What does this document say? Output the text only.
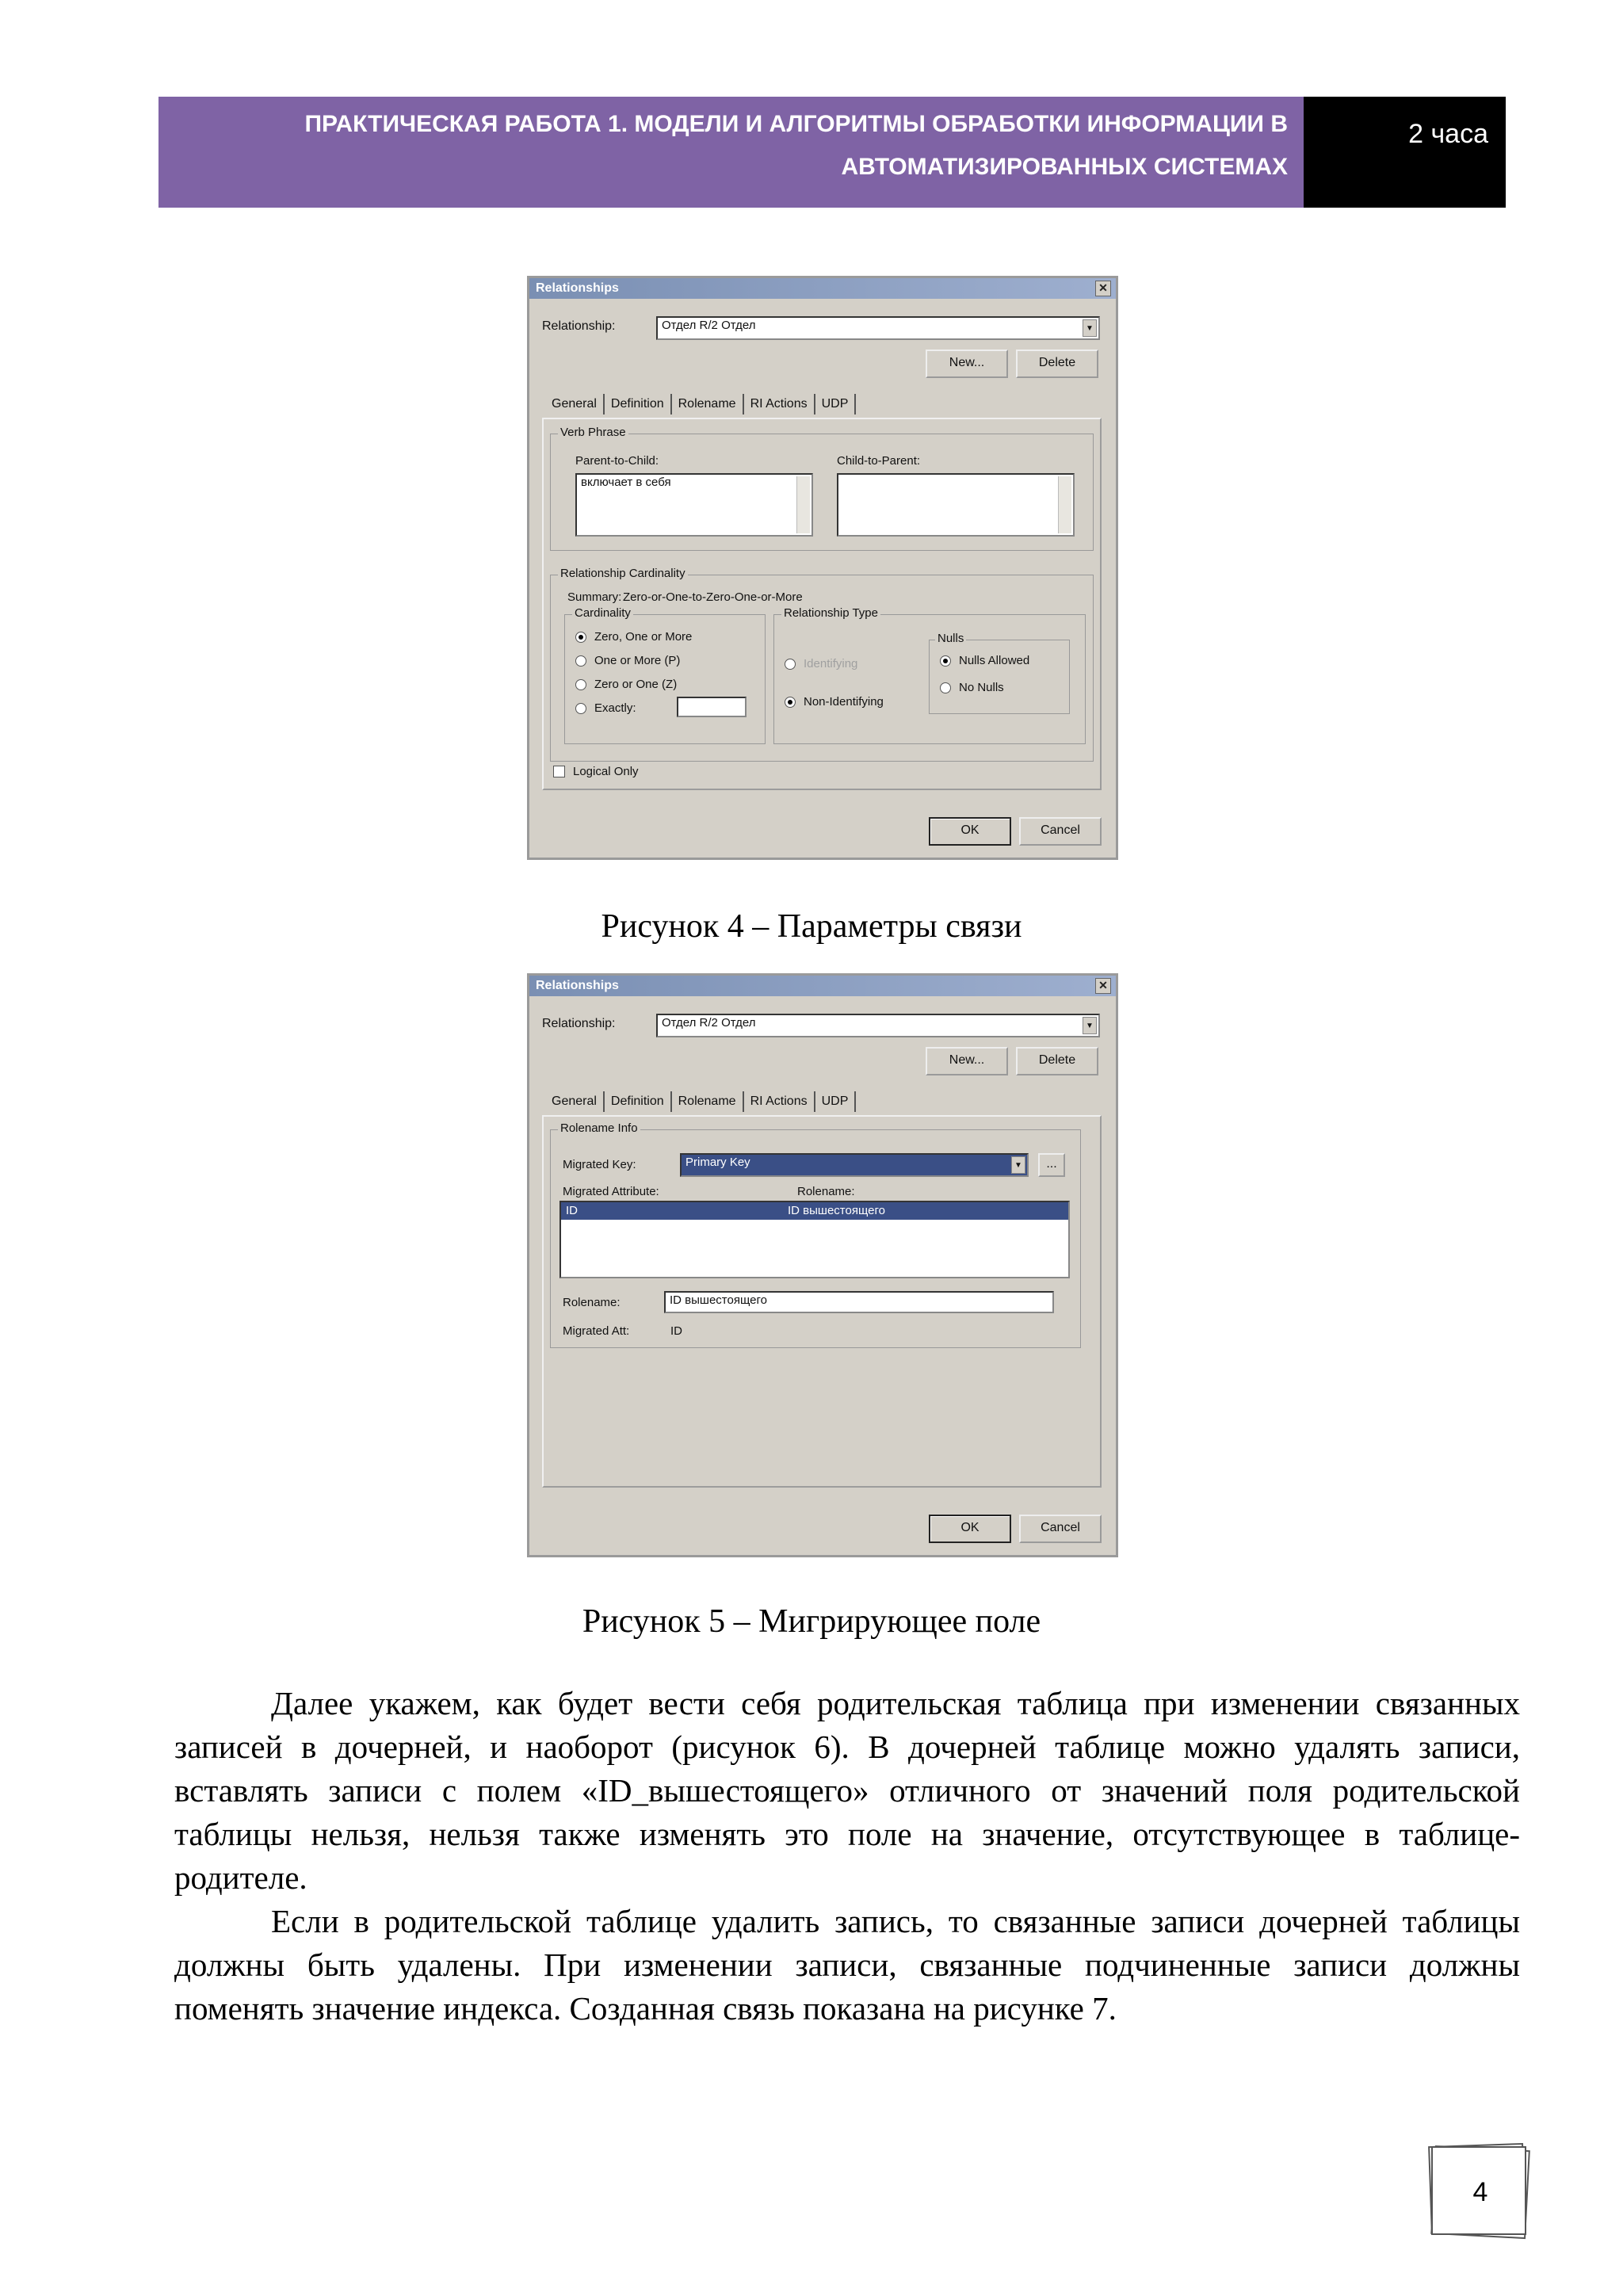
ПРАКТИЧЕСКАЯ РАБОТА 1. МОДЕЛИ И АЛГОРИТМЫ ОБРАБОТКИ ИНФОРМАЦИИ В
АВТОМАТИЗИРОВАННЫХ СИСТЕМАХ
2 часа
Relationships	✕
Relationship:	Отдел R/2 Отдел	▼
New...	Delete
General	Definition	Rolename	RI Actions	UDP
Verb Phrase
Parent-to-Child:
включает в себя
Child-to-Parent:
Relationship Cardinality
Summary: Zero-or-One-to-Zero-One-or-More
Cardinality
Zero, One or More
One or More (P)
Zero or One (Z)
Exactly:
Relationship Type
Identifying
Non-Identifying
Nulls
Nulls Allowed
No Nulls
Logical Only
OK	Cancel
Рисунок 4 – Параметры связи
Relationships	✕
Relationship:	Отдел R/2 Отдел	▼
New...	Delete
General	Definition	Rolename	RI Actions	UDP
Rolename Info
Migrated Key:	Primary Key	▼	...
Migrated Attribute:	Rolename:
ID	ID вышестоящего
Rolename:	ID вышестоящего
Migrated Att:	ID
OK	Cancel
Рисунок 5 – Мигрирующее поле

Далее укажем, как будет вести себя родительская таблица при изменении связанных записей в дочерней, и наоборот (рисунок 6). В дочерней таблице можно удалять записи, вставлять записи с полем «ID_вышестоящего» отличного от значений поля родительской таблицы нельзя, нельзя также изменять это поле на значение, отсутствующее в таблице-родителе.

Если в родительской таблице удалить запись, то связанные записи дочерней таблицы должны быть удалены. При изменении записи, связанные подчиненные записи должны поменять значение индекса. Созданная связь показана на рисунке 7.

4
